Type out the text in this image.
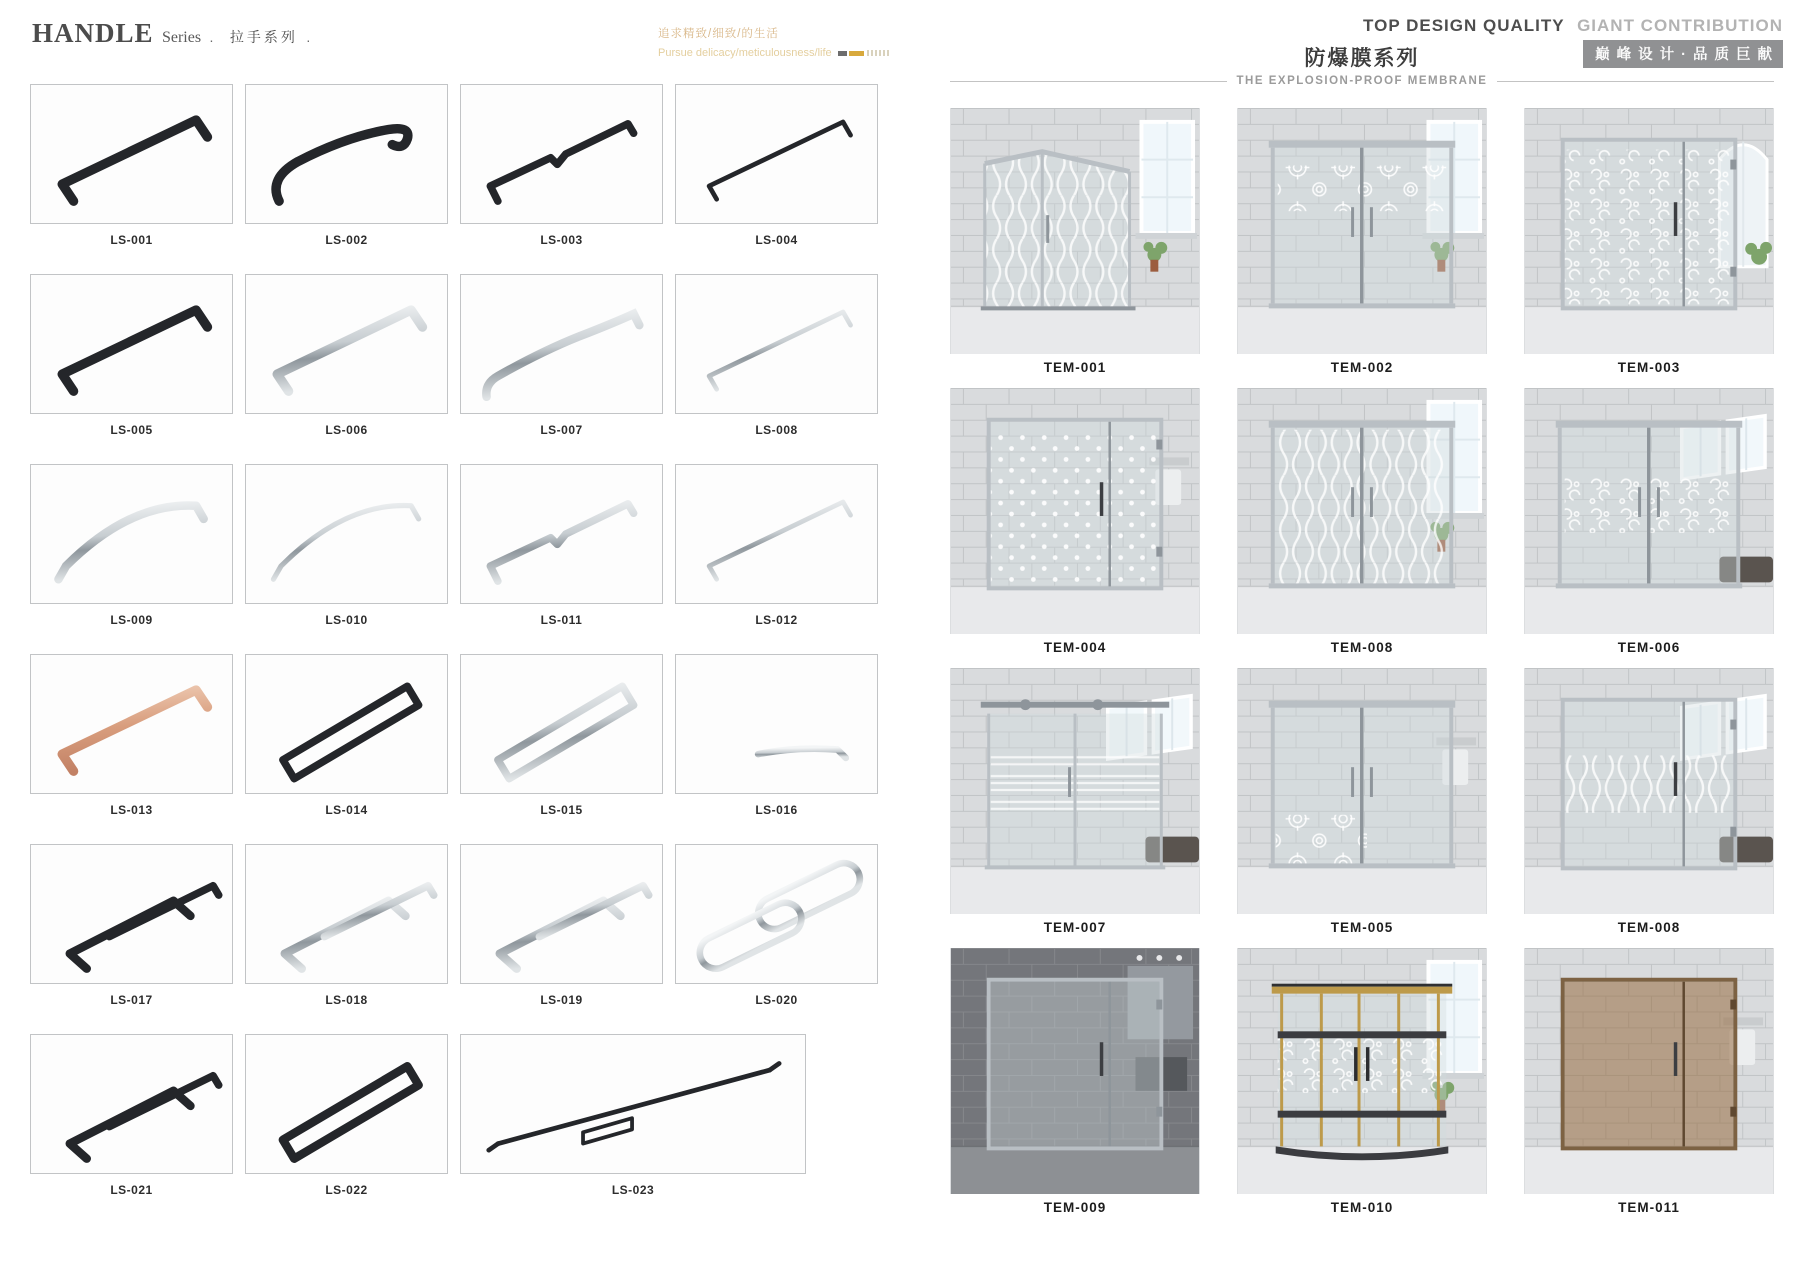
HANDLE Series . 拉手系列 .	追求精致/细致/的生活
Pursue delicacy/meticulousness/life
TOP DESIGN QUALITY GIANT CONTRIBUTION
巅峰设计·品质巨献
防爆膜系列
THE EXPLOSION-PROOF MEMBRANE
LS-001	LS-002	LS-003	LS-004
LS-005	LS-006	LS-007	LS-008
LS-009	LS-010	LS-011	LS-012
LS-013	LS-014	LS-015	LS-016
LS-017	LS-018	LS-019	LS-020
LS-021	LS-022	LS-023
TEM-001	TEM-002	TEM-003
TEM-004	TEM-008	TEM-006
TEM-007	TEM-005	TEM-008
TEM-009	TEM-010	TEM-011
